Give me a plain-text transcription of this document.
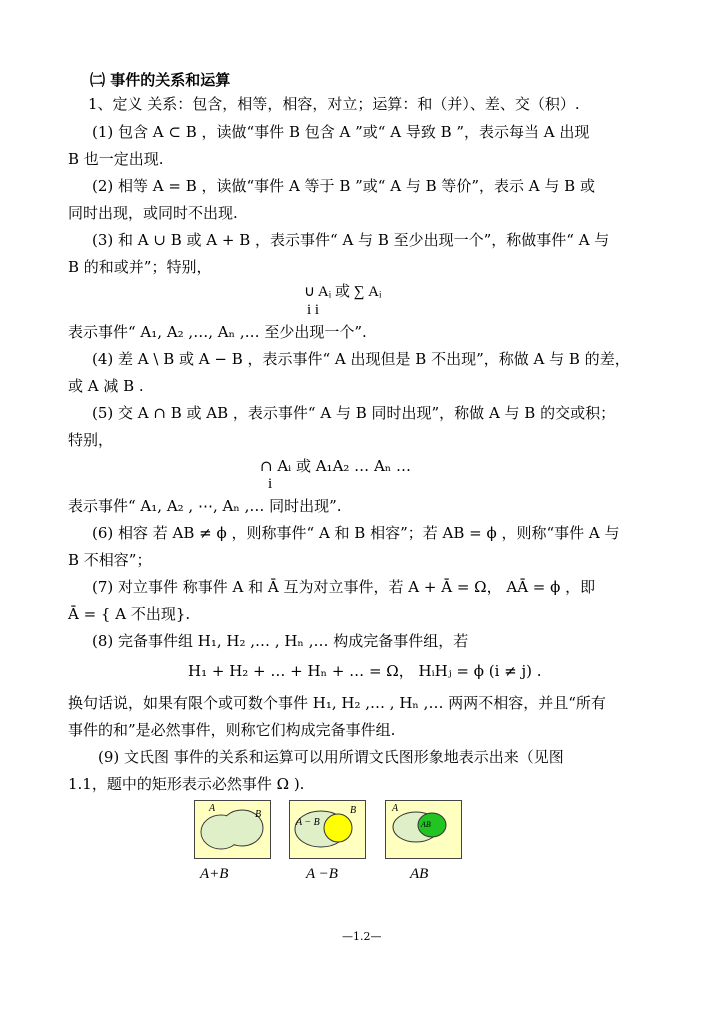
㈡ 事件的关系和运算
1、定义 关系：包含，相等，相容，对立；运算：和（并）、差、交（积）.
(1) 包含 A ⊂ B ，读做“事件 B 包含 A ”或“ A 导致 B ”，表示每当 A 出现
B 也一定出现.
(2) 相等 A = B ，读做“事件 A 等于 B ”或“ A 与 B 等价”，表示 A 与 B 或
同时出现，或同时不出现.
(3) 和 A ∪ B 或 A + B ，表示事件“ A 与 B 至少出现一个”，称做事件“ A 与
B 的和或并”；特别，
∪ Aᵢ 或 ∑ Aᵢ
i i
表示事件“ A₁, A₂ ,…, Aₙ ,… 至少出现一个”.
(4) 差 A \ B 或 A − B ，表示事件“ A 出现但是 B 不出现”，称做 A 与 B 的差，
或 A 减 B .
(5) 交 A ∩ B 或 AB ，表示事件“ A 与 B 同时出现”，称做 A 与 B 的交或积；
特别，
∩ Aᵢ 或 A₁A₂ … Aₙ …
i
表示事件“ A₁, A₂ , ⋯, Aₙ ,… 同时出现”.
(6) 相容 若 AB ≠ ϕ ，则称事件“ A 和 B 相容”；若 AB = ϕ ，则称“事件 A 与
B 不相容”；
(7) 对立事件 称事件 A 和 Ā 互为对立事件，若 A + Ā = Ω， AĀ = ϕ ，即
Ā = { A 不出现}.
(8) 完备事件组 H₁, H₂ ,… , Hₙ ,… 构成完备事件组，若
H₁ + H₂ + … + Hₙ + … = Ω， HᵢHⱼ = ϕ (i ≠ j) .
换句话说，如果有限个或可数个事件 H₁, H₂ ,… , Hₙ ,… 两两不相容，并且“所有
事件的和”是必然事件，则称它们构成完备事件组.
(9) 文氏图 事件的关系和运算可以用所谓文氏图形象地表示出来（见图
1.1，题中的矩形表示必然事件 Ω ).
A
B
A+B
A − B
B
A −B
A
AB
AB
—1.2—
